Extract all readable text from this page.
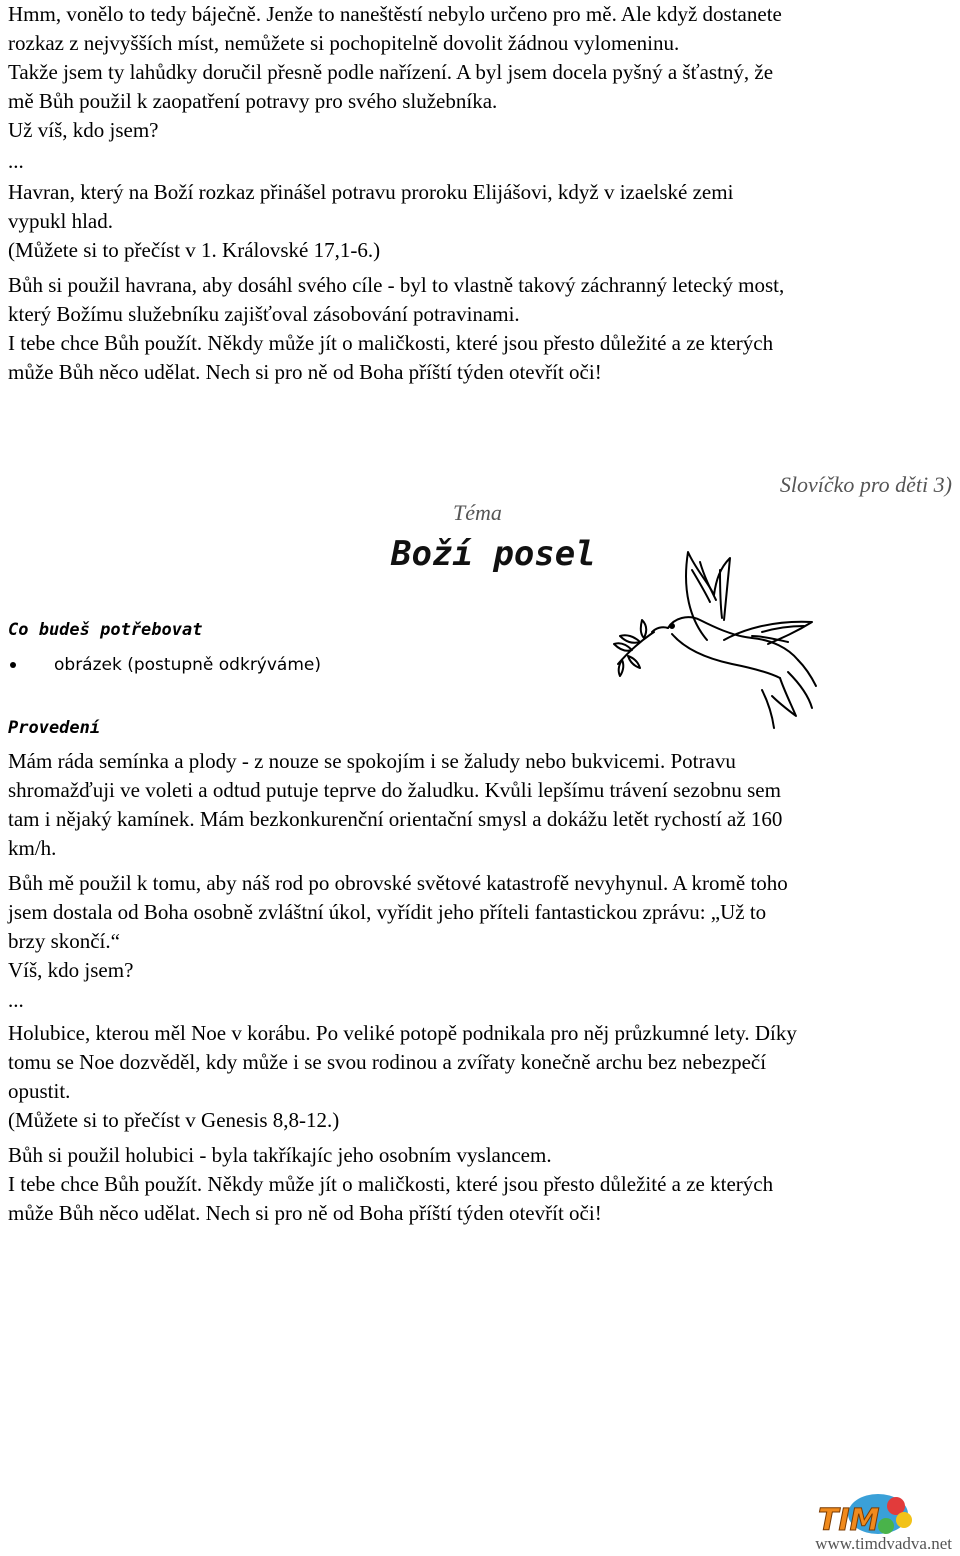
Hmm, vonělo to tedy báječně. Jenže to naneštěstí nebylo určeno pro mě. Ale když dostanete
rozkaz z nejvyšších míst, nemůžete si pochopitelně dovolit žádnou vylomeninu.
Takže jsem ty lahůdky doručil přesně podle nařízení. A byl jsem docela pyšný a šťastný, že
mě Bůh použil k zaopatření potravy pro svého služebníka.
Už víš, kdo jsem?
...
Havran, který na Boží rozkaz přinášel potravu proroku Elijášovi, když v izaelské zemi
vypukl hlad.
(Můžete si to přečíst v 1. Královské 17,1-6.)
Bůh si použil havrana, aby dosáhl svého cíle - byl to vlastně takový záchranný letecký most,
který Božímu služebníku zajišťoval zásobování potravinami.
I tebe chce Bůh použít. Někdy může jít o maličkosti, které jsou přesto důležité a ze kterých
může Bůh něco udělat. Nech si pro ně od Boha příští týden otevřít oči!
Slovíčko pro děti 3)
Téma
Boží posel
Co budeš potřebovat
obrázek (postupně odkrýváme)
Provedení
Mám ráda semínka a plody - z nouze se spokojím i se žaludy nebo bukvicemi. Potravu
shromažďuji ve voleti a odtud putuje teprve do žaludku. Kvůli lepšímu trávení sezobnu sem
tam i nějaký kamínek. Mám bezkonkurenční orientační smysl a dokážu letět rychostí až 160
km/h.
Bůh mě použil k tomu, aby náš rod po obrovské světové katastrofě nevyhynul. A kromě toho
jsem dostala od Boha osobně zvláštní úkol, vyřídit jeho příteli fantastickou zprávu: „Už to
brzy skončí.“
Víš, kdo jsem?
...
Holubice, kterou měl Noe v korábu. Po veliké potopě podnikala pro něj průzkumné lety. Díky
tomu se Noe dozvěděl, kdy může i se svou rodinou a zvířaty konečně archu bez nebezpečí
opustit.
(Můžete si to přečíst v Genesis 8,8-12.)
Bůh si použil holubici - byla takříkajíc jeho osobním vyslancem.
I tebe chce Bůh použít. Někdy může jít o maličkosti, které jsou přesto důležité a ze kterých
může Bůh něco udělat. Nech si pro ně od Boha příští týden otevřít oči!
TIM
www.timdvadva.net
